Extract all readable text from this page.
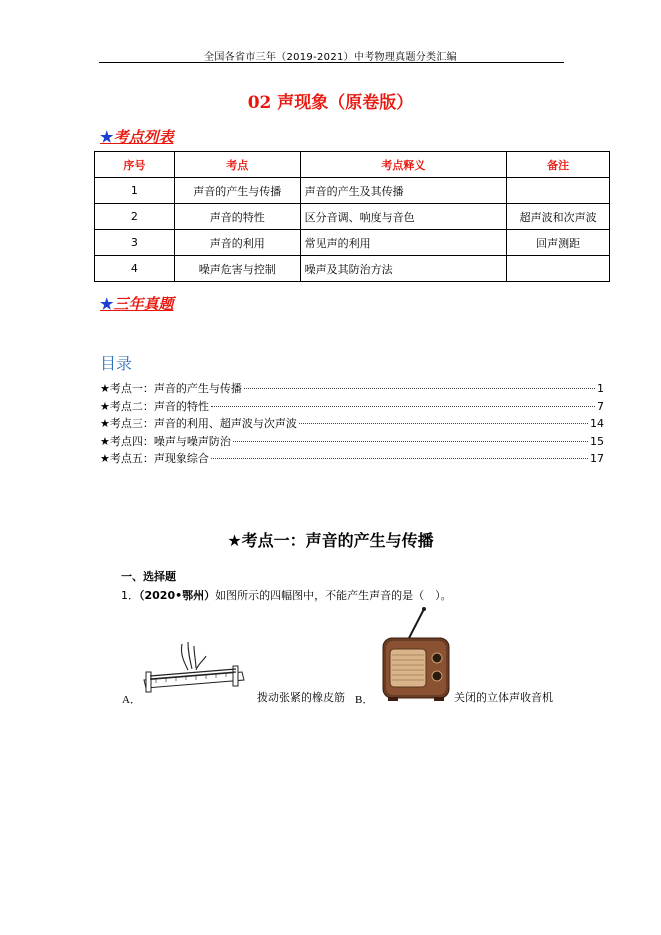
全国各省市三年（2019-2021）中考物理真题分类汇编
02 声现象（原卷版）
★考点列表
序号	考点	考点释义	备注
1	声音的产生与传播	声音的产生及其传播	
2	声音的特性	区分音调、响度与音色	超声波和次声波
3	声音的利用	常见声的利用	回声测距
4	噪声危害与控制	噪声及其防治方法	
★三年真题
目录
★考点一：声音的产生与传播	1
★考点二：声音的特性	7
★考点三：声音的利用、超声波与次声波	14
★考点四：噪声与噪声防治	15
★考点五：声现象综合	17
★考点一：声音的产生与传播
一、选择题
1．（2020•鄂州）如图所示的四幅图中，不能产生声音的是（　）。
A．	拨动张紧的橡皮筋 B．	关闭的立体声收音机
